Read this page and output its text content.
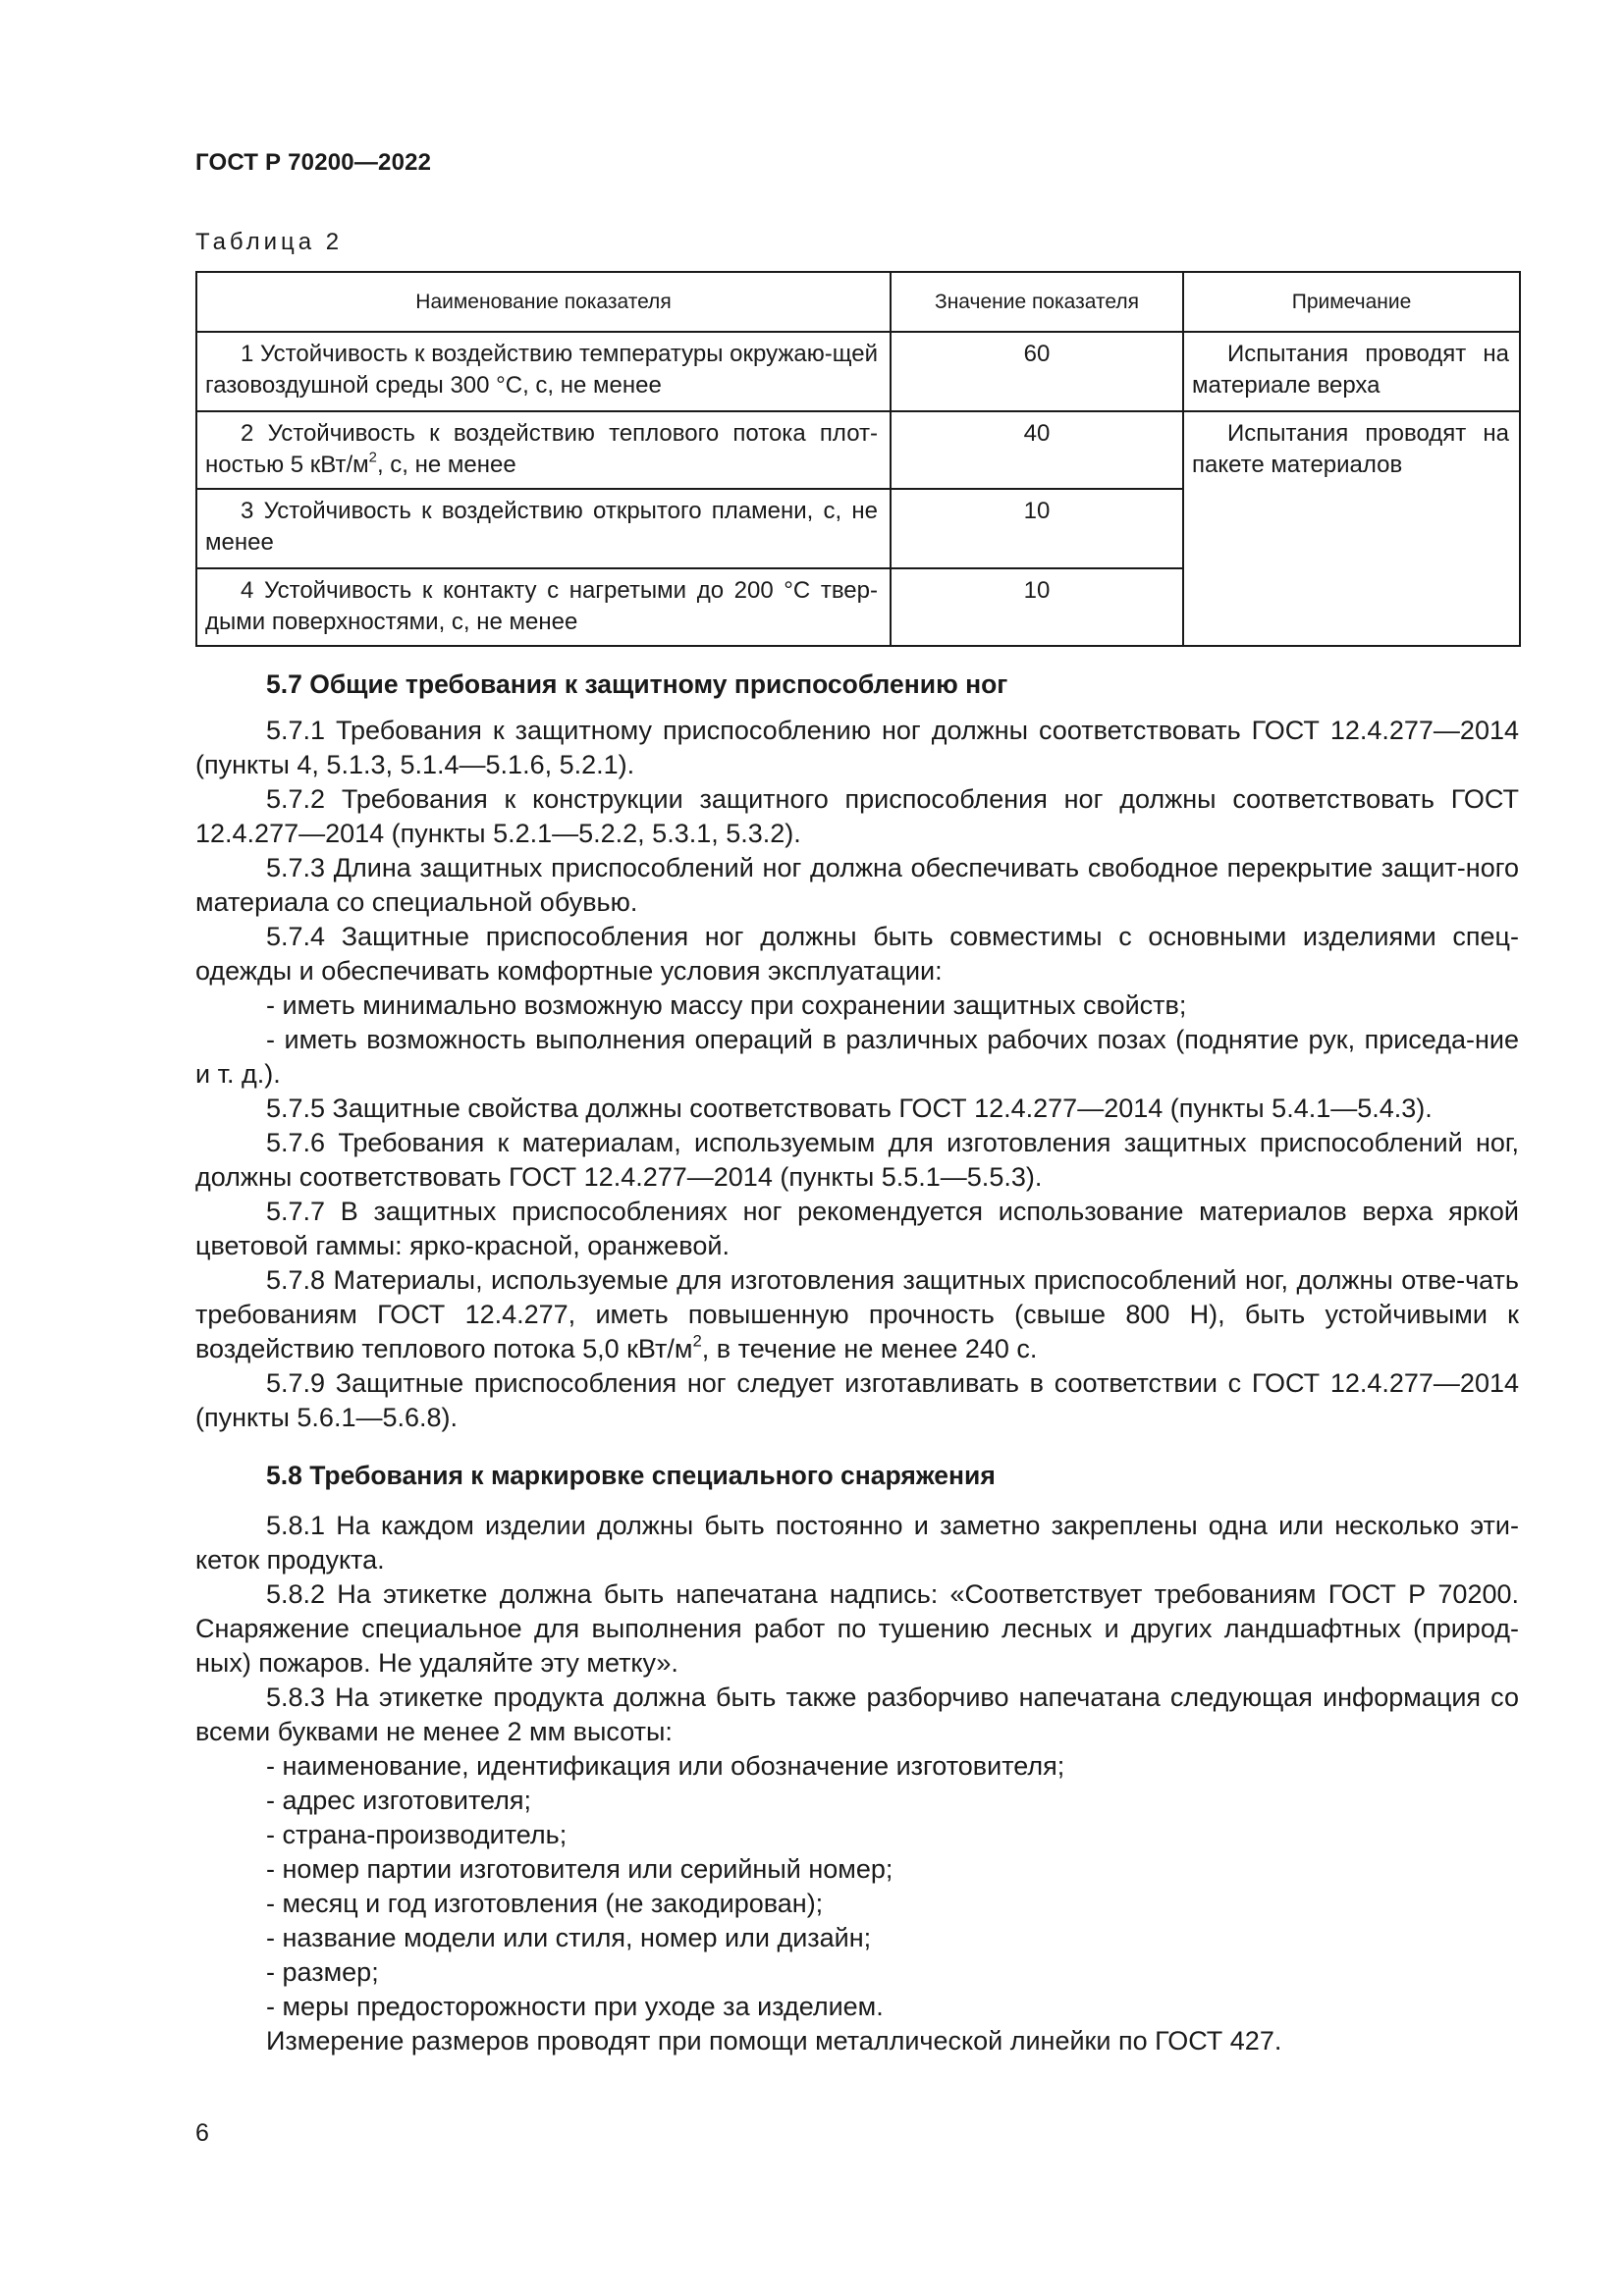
ГОСТ Р 70200—2022
Таблица 2
Наименование показателя	Значение показателя	Примечание
1 Устойчивость к воздействию температуры окружаю-щей газовоздушной среды 300 °С, с, не менее	60	Испытания проводят на материале верха
2 Устойчивость к воздействию теплового потока плот-ностью 5 кВт/$м^2$, с, не менее	40	Испытания проводят на пакете материалов
3 Устойчивость к воздействию открытого пламени, с, не менее	10	
4 Устойчивость к контакту с нагретыми до 200 °С твер-дыми поверхностями, с, не менее	10	

5.7 Общие требования к защитному приспособлению ног

5.7.1 Требования к защитному приспособлению ног должны соответствовать ГОСТ 12.4.277—2014 (пункты 4, 5.1.3, 5.1.4—5.1.6, 5.2.1).

5.7.2 Требования к конструкции защитного приспособления ног должны соответствовать ГОСТ 12.4.277—2014 (пункты 5.2.1—5.2.2, 5.3.1, 5.3.2).

5.7.3 Длина защитных приспособлений ног должна обеспечивать свободное перекрытие защит-ного материала со специальной обувью.

5.7.4 Защитные приспособления ног должны быть совместимы с основными изделиями спец-одежды и обеспечивать комфортные условия эксплуатации:

- иметь минимально возможную массу при сохранении защитных свойств;

- иметь возможность выполнения операций в различных рабочих позах (поднятие рук, приседа-ние и т. д.).

5.7.5 Защитные свойства должны соответствовать ГОСТ 12.4.277—2014 (пункты 5.4.1—5.4.3).

5.7.6 Требования к материалам, используемым для изготовления защитных приспособлений ног, должны соответствовать ГОСТ 12.4.277—2014 (пункты 5.5.1—5.5.3).

5.7.7 В защитных приспособлениях ног рекомендуется использование материалов верха яркой цветовой гаммы: ярко-красной, оранжевой.

5.7.8 Материалы, используемые для изготовления защитных приспособлений ног, должны отве-чать требованиям ГОСТ 12.4.277, иметь повышенную прочность (свыше 800 Н), быть устойчивыми к воздействию теплового потока 5,0 кВт/$м^2$, в течение не менее 240 с.

5.7.9 Защитные приспособления ног следует изготавливать в соответствии с ГОСТ 12.4.277—2014 (пункты 5.6.1—5.6.8).

5.8 Требования к маркировке специального снаряжения

5.8.1 На каждом изделии должны быть постоянно и заметно закреплены одна или несколько эти-кеток продукта.

5.8.2 На этикетке должна быть напечатана надпись: «Соответствует требованиям ГОСТ Р 70200. Снаряжение специальное для выполнения работ по тушению лесных и других ландшафтных (природ-ных) пожаров. Не удаляйте эту метку».

5.8.3 На этикетке продукта должна быть также разборчиво напечатана следующая информация со всеми буквами не менее 2 мм высоты:

- наименование, идентификация или обозначение изготовителя;

- адрес изготовителя;

- страна-производитель;

- номер партии изготовителя или серийный номер;

- месяц и год изготовления (не закодирован);

- название модели или стиля, номер или дизайн;

- размер;

- меры предосторожности при уходе за изделием.

Измерение размеров проводят при помощи металлической линейки по ГОСТ 427.

6
